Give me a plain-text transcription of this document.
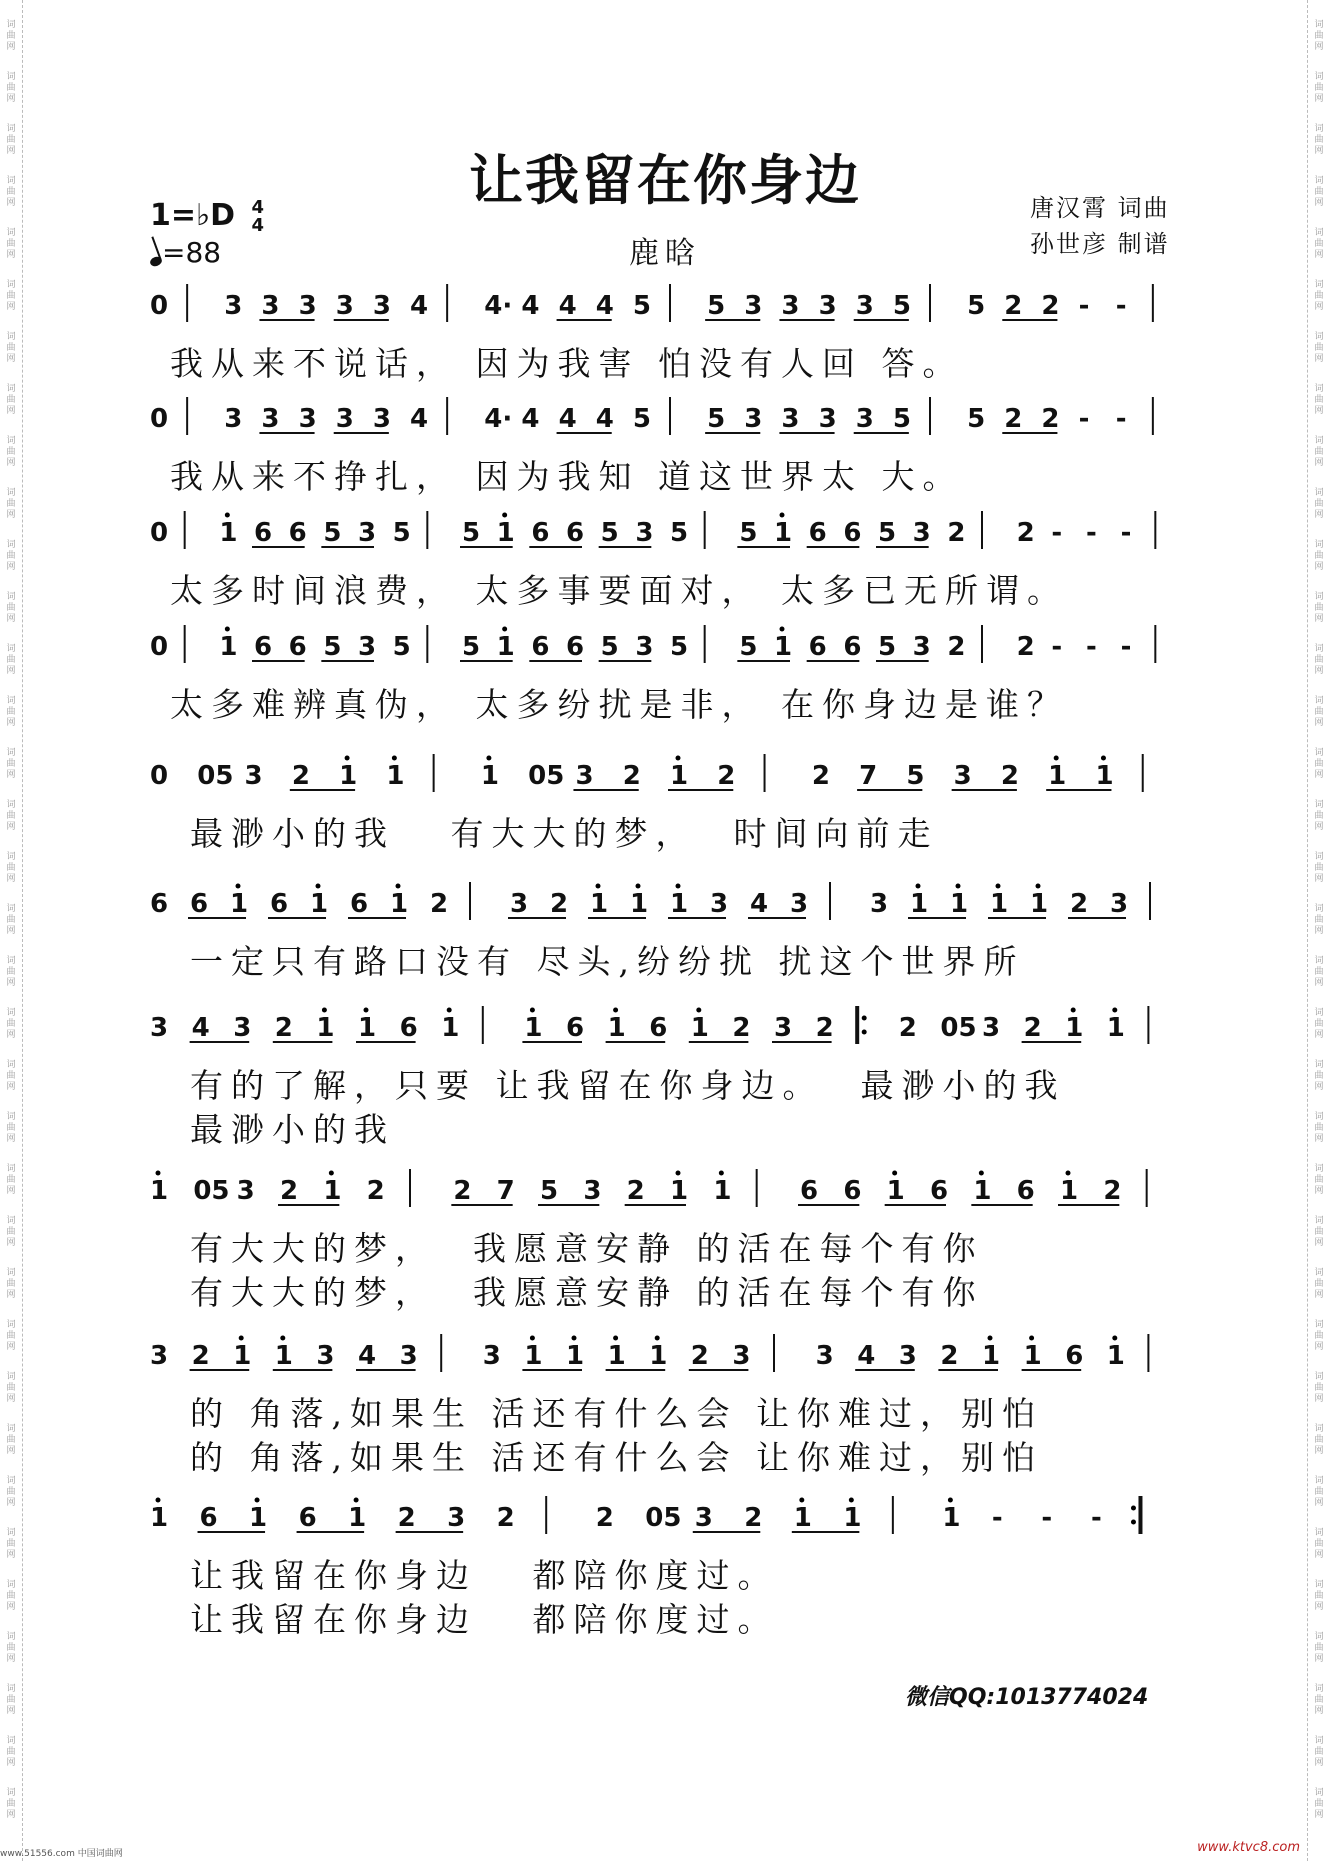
词
曲
网
词
曲
网
词
曲
网
词
曲
网
词
曲
网
词
曲
网
词
曲
网
词
曲
网
词
曲
网
词
曲
网
词
曲
网
词
曲
网
词
曲
网
词
曲
网
词
曲
网
词
曲
网
词
曲
网
词
曲
网
词
曲
网
词
曲
网
词
曲
网
词
曲
网
词
曲
网
词
曲
网
词
曲
网
词
曲
网
词
曲
网
词
曲
网
词
曲
网
词
曲
网
词
曲
网
词
曲
网
词
曲
网
词
曲
网
词
曲
网
词
曲
网
词
曲
网
词
曲
网
词
曲
网
词
曲
网
词
曲
网
词
曲
网
词
曲
网
词
曲
网
词
曲
网
词
曲
网
词
曲
网
词
曲
网
词
曲
网
词
曲
网
词
曲
网
词
曲
网
词
曲
网
词
曲
网
词
曲
网
词
曲
网
词
曲
网
词
曲
网
词
曲
网
词
曲
网
词
曲
网
词
曲
网
词
曲
网
词
曲
网
词
曲
网
词
曲
网
词
曲
网
词
曲
网
词
曲
网
词
曲
网
让我留在你身边
1=♭D 4
4
=88	鹿晗
唐汉霄 词曲
孙世彦 制谱
0 3 3 3 3 3 4 4· 4 4 4 5 5 3 3 3 3 5 5 2 2 - -
我从来不说话， 因为我害 怕没有人回 答。
0 3 3 3 3 3 4 4· 4 4 4 5 5 3 3 3 3 5 5 2 2 - -
我从来不挣扎， 因为我知 道这世界太 大。
0 1 6 6 5 3 5 5 1 6 6 5 3 5 5 1 6 6 5 3 2 2 - - -
太多时间浪费， 太多事要面对， 太多已无所谓。
0 1 6 6 5 3 5 5 1 6 6 5 3 5 5 1 6 6 5 3 2 2 - - -
太多难辨真伪， 太多纷扰是非， 在你身边是谁？
0 05 3 2 1 1	1 05 3 2 1 2	2 7 5 3 2 1 1
最渺小的我   有大大的梦，  时间向前走
6 6 1 6 1 6 1 2 3 2 1 1 1 3 4 3 3 1 1 1 1 2 3
一定只有路口没有 尽头,纷纷扰 扰这个世界所
3 4 3 2 1 1 6 1	1 6 1 6 1 2 3 2	2 05 3 2 1 1
有的了解，只要 让我留在你身边。  最渺小的我
最渺小的我
1 05 3 2 1 2	2 7 5 3 2 1 1	6 6 1 6 1 6 1 2
有大大的梦，  我愿意安静 的活在每个有你
有大大的梦，  我愿意安静 的活在每个有你
3 2 1 1 3 4 3	3 1 1 1 1 2 3	3 4 3 2 1 1 6 1
的 角落,如果生 活还有什么会 让你难过，别怕
的 角落,如果生 活还有什么会 让你难过，别怕
1 6 1 6 1 2 3 2	2 05 3 2 1 1	1 - - -
让我留在你身边   都陪你度过。
让我留在你身边   都陪你度过。
微信QQ:1013774024
www.51556.com 中国词曲网	www.ktvc8.com
